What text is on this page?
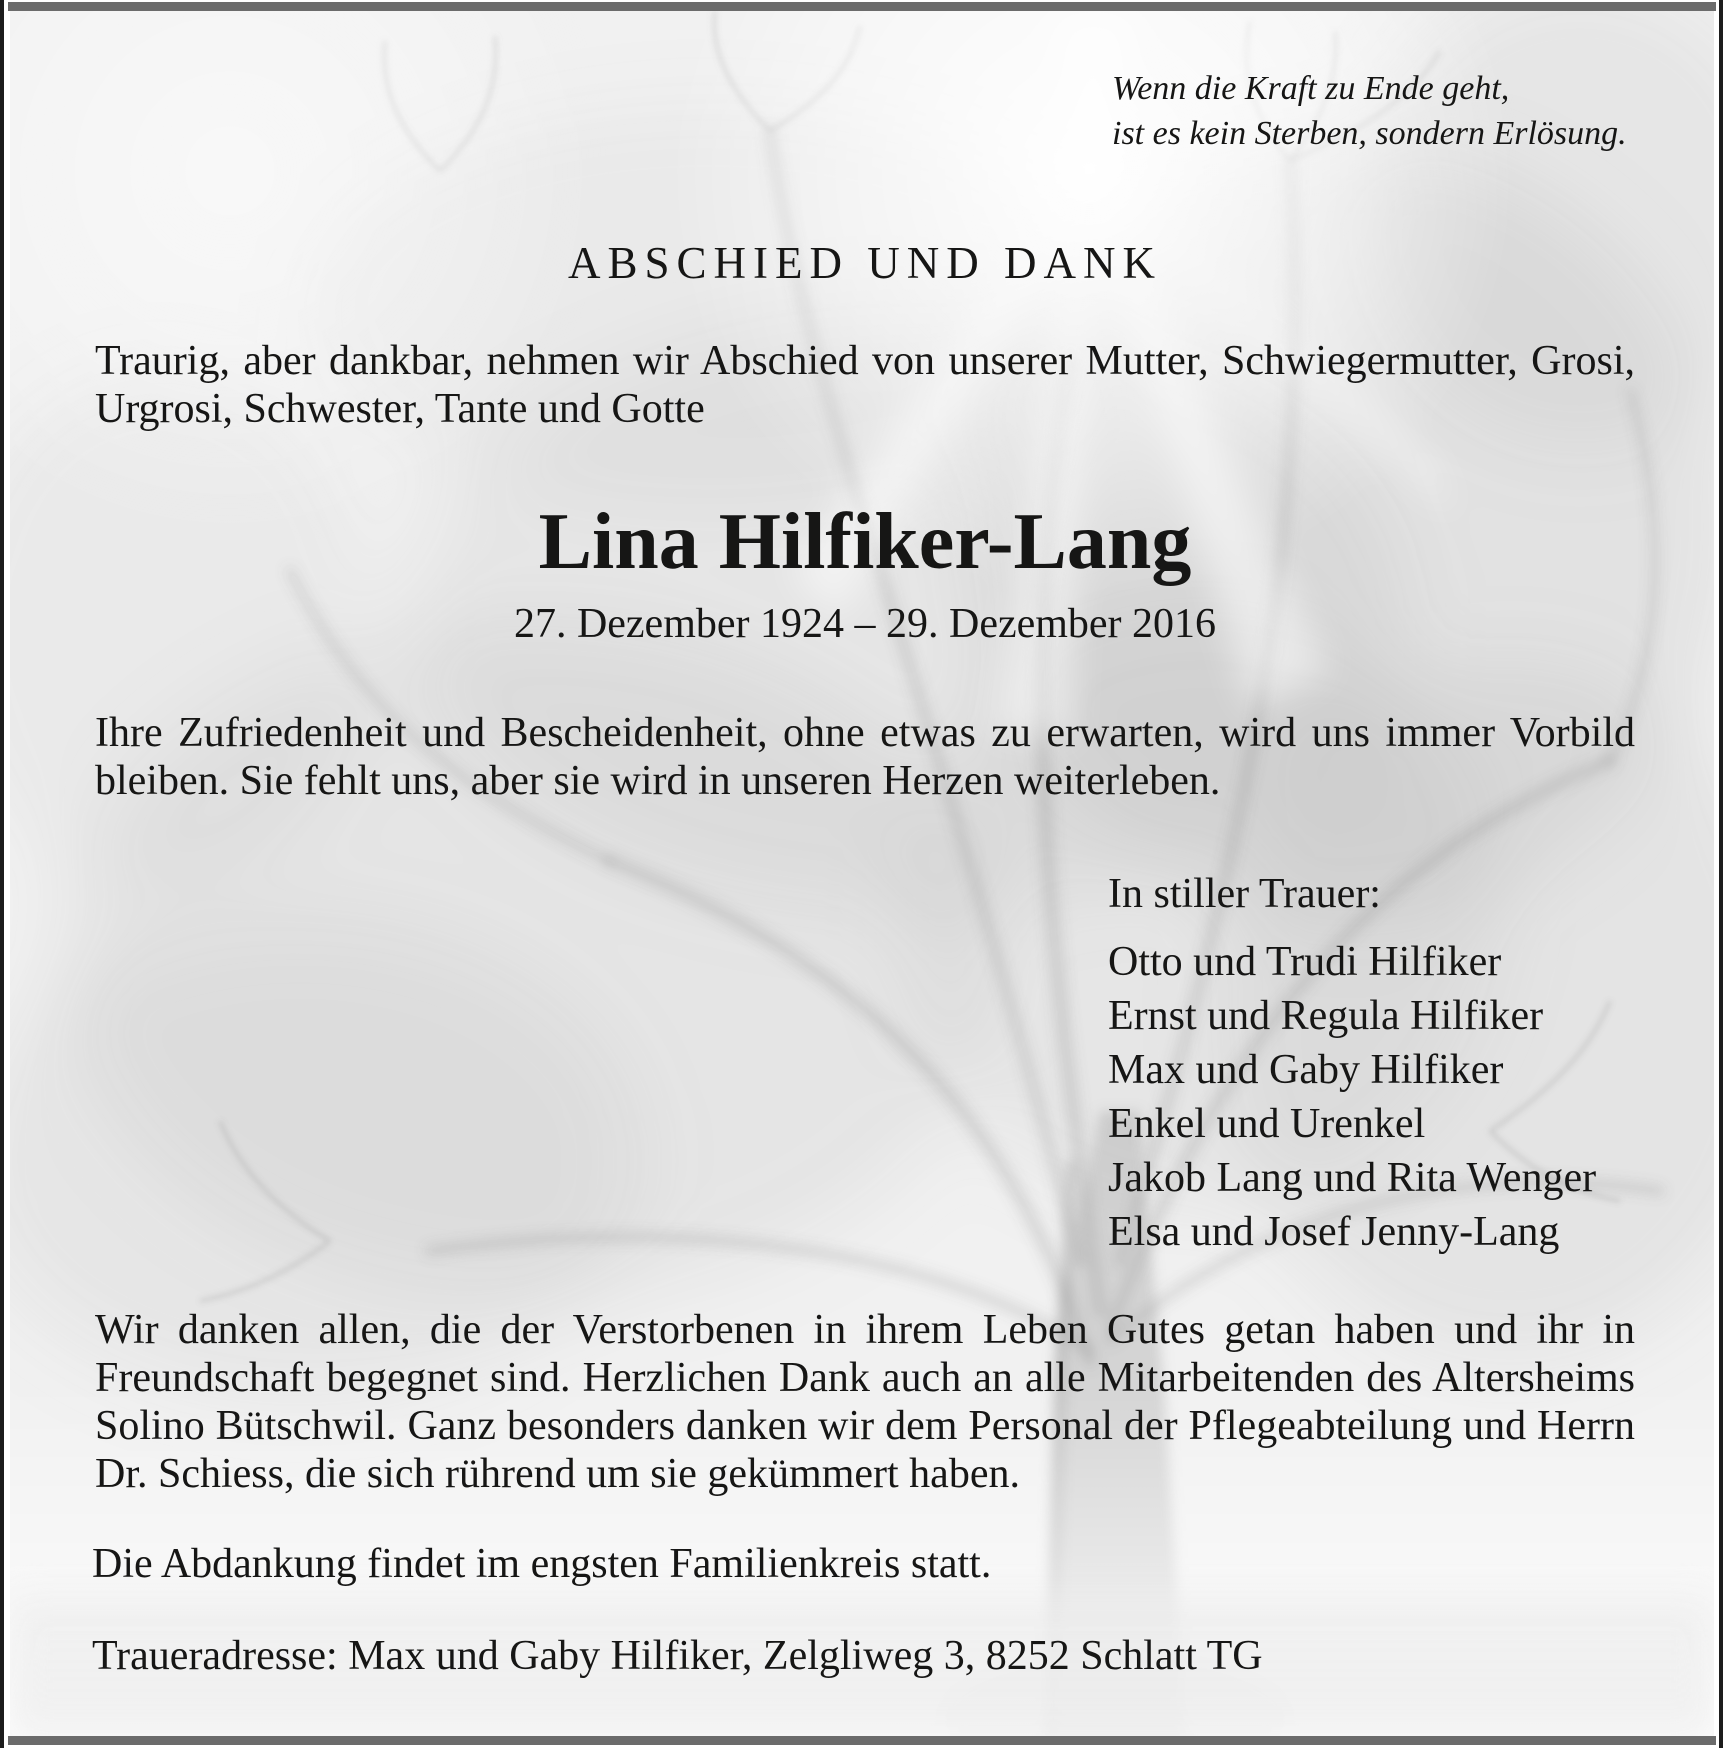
Wenn die Kraft zu Ende geht,
ist es kein Sterben, sondern Erlösung.
ABSCHIED UND DANK
Traurig, aber dankbar, nehmen wir Abschied von unserer Mutter, Schwiegermutter, Grosi,
Urgrosi, Schwester, Tante und Gotte
Lina Hilfiker-Lang
27. Dezember 1924 – 29. Dezember 2016
Ihre Zufriedenheit und Bescheidenheit, ohne etwas zu erwarten, wird uns immer Vorbild
bleiben. Sie fehlt uns, aber sie wird in unseren Herzen weiterleben.
In stiller Trauer:
Otto und Trudi Hilfiker
Ernst und Regula Hilfiker
Max und Gaby Hilfiker
Enkel und Urenkel
Jakob Lang und Rita Wenger
Elsa und Josef Jenny-Lang
Wir danken allen, die der Verstorbenen in ihrem Leben Gutes getan haben und ihr in
Freundschaft begegnet sind. Herzlichen Dank auch an alle Mitarbeitenden des Altersheims
Solino Bütschwil. Ganz besonders danken wir dem Personal der Pflegeabteilung und Herrn
Dr. Schiess, die sich rührend um sie gekümmert haben.
Die Abdankung findet im engsten Familienkreis statt.
Traueradresse: Max und Gaby Hilfiker, Zelgliweg 3, 8252 Schlatt TG
